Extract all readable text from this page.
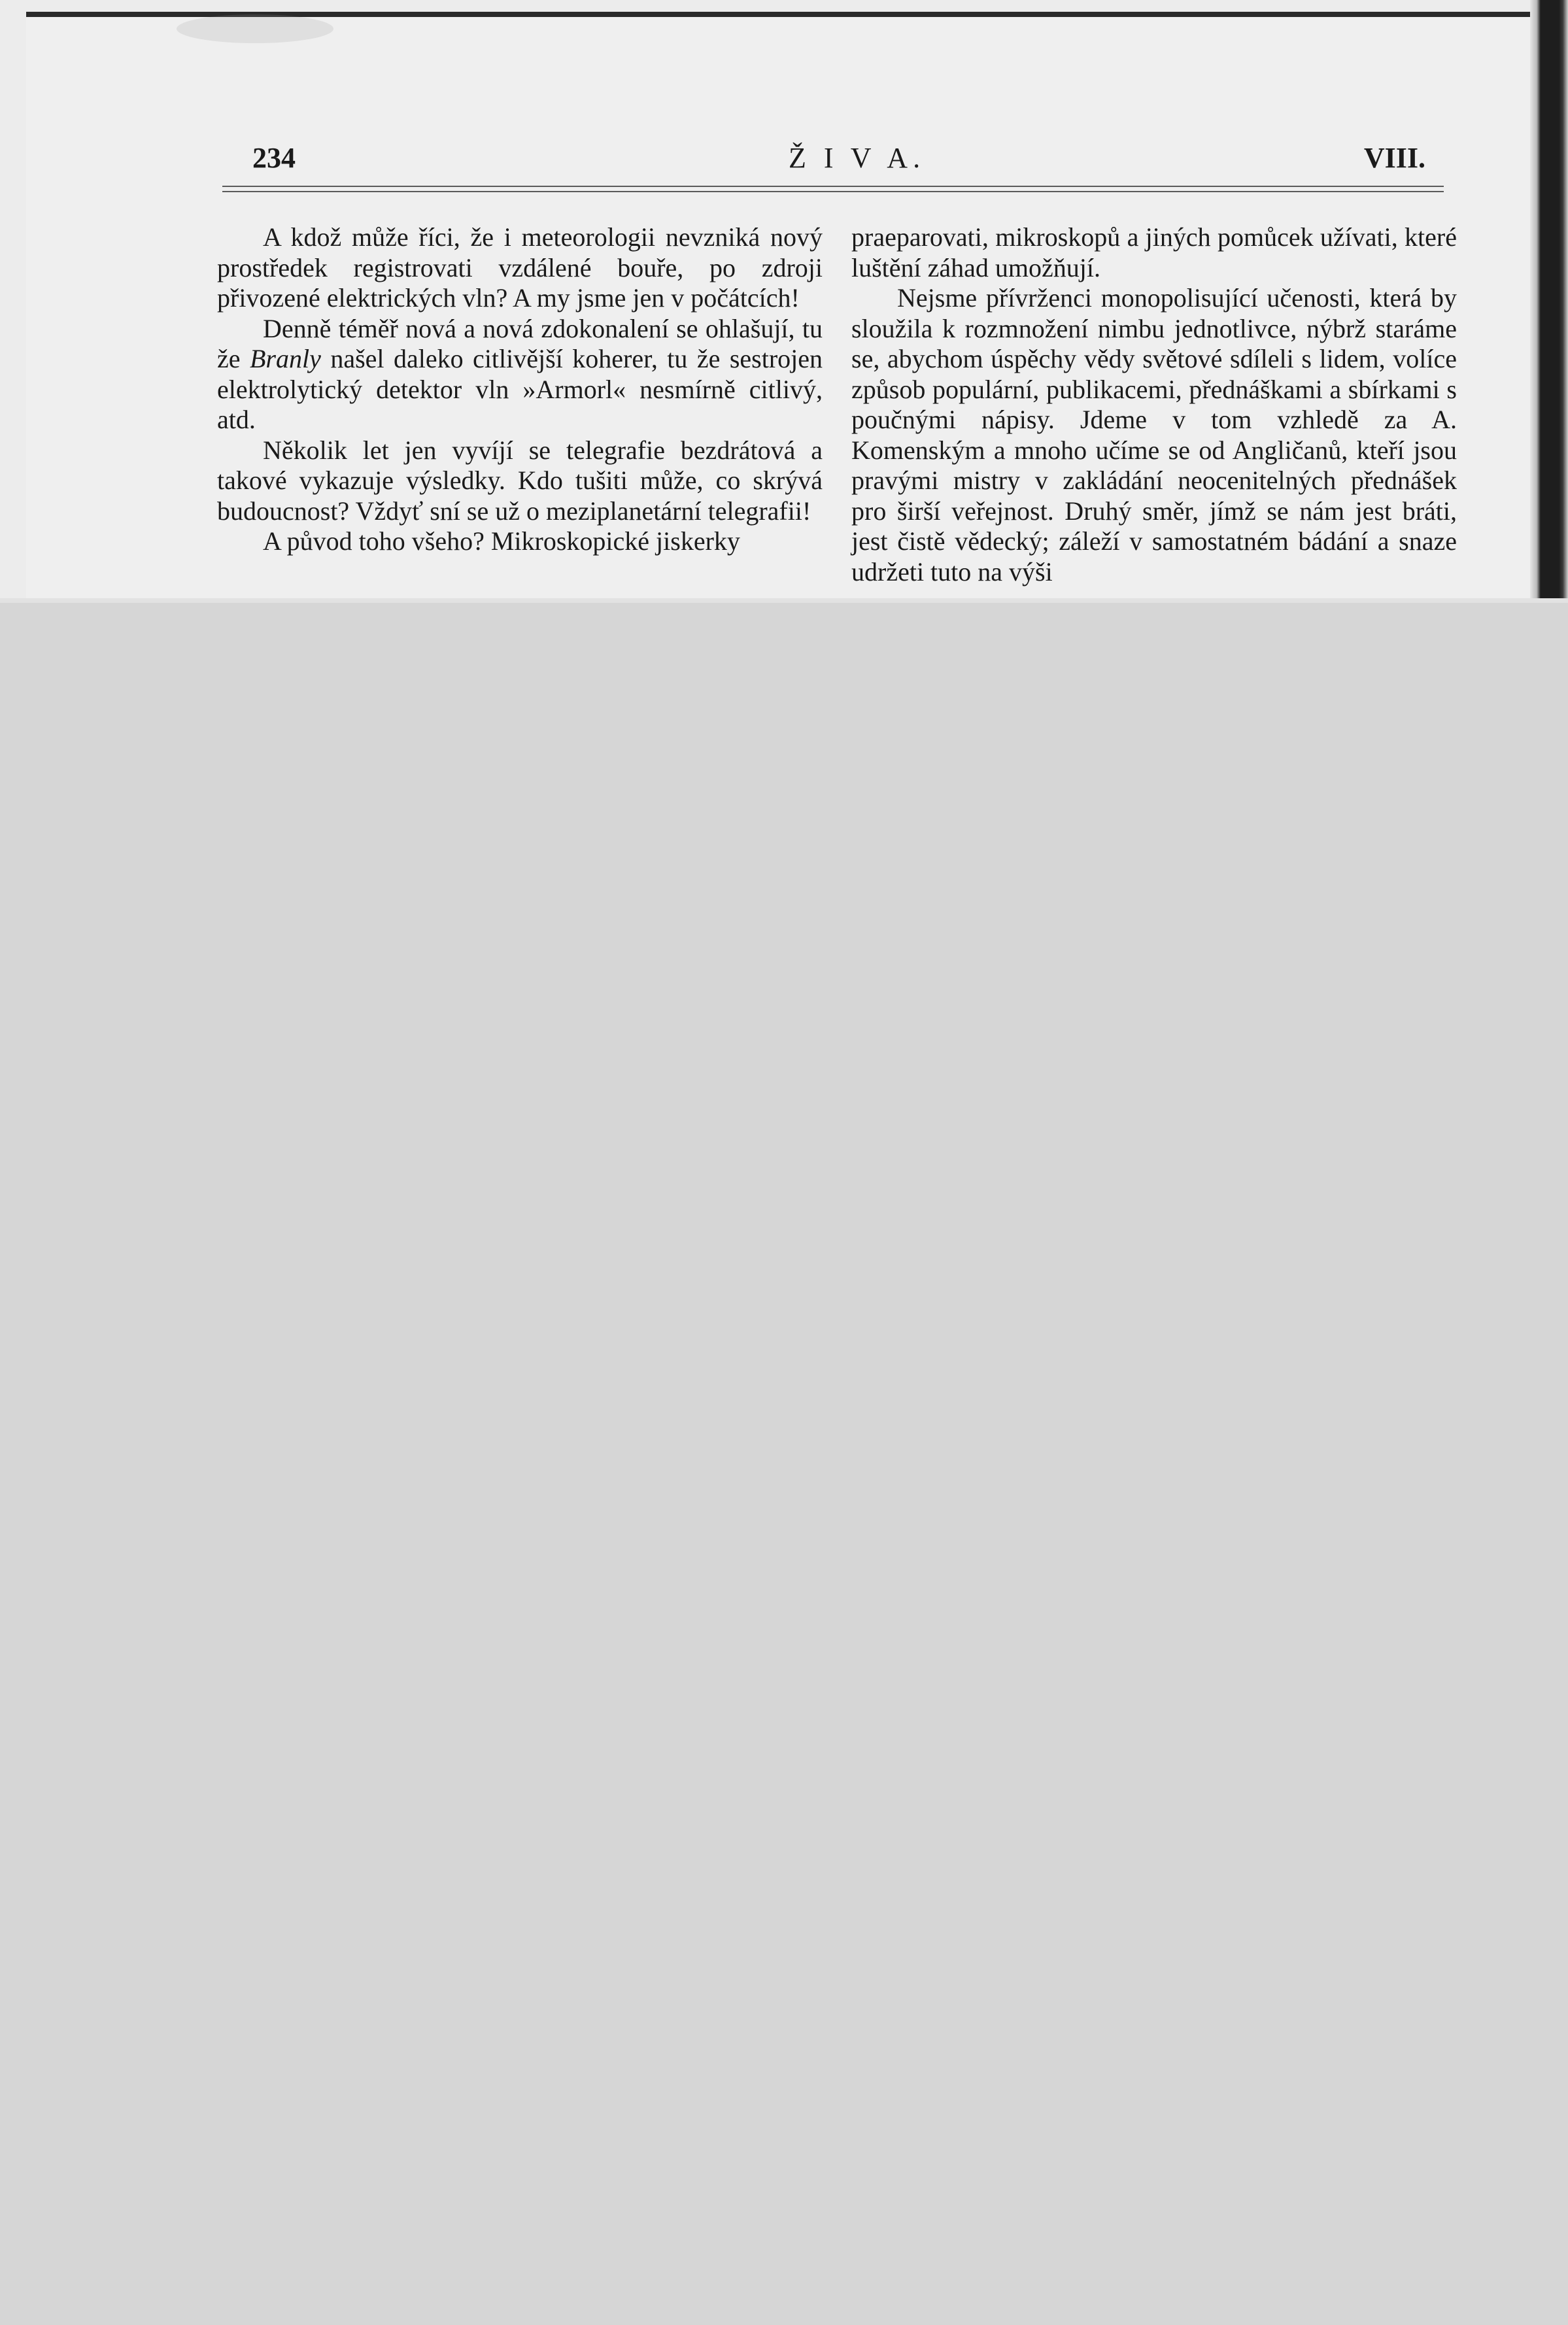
234	Ž I V A.	VIII.

A kdož může říci, že i meteorologii nevzniká nový prostředek registrovati vzdálené bouře, po zdroji přivozené elektrických vln? A my jsme jen v počátcích!

Denně téměř nová a nová zdokonalení se ohlašují, tu že Branly našel daleko citlivější koherer, tu že sestrojen elektrolytický detektor vln »Armorl« nesmírně citlivý, atd.

Několik let jen vyvíjí se telegrafie bezdrátová a takové vykazuje výsledky. Kdo tušiti může, co skrývá budoucnost? Vždyť sní se už o meziplanetární telegrafii!

A původ toho všeho? Mikroskopické jiskerky

praeparovati, mikroskopů a jiných pomůcek užívati, které luštění záhad umožňují.

Nejsme přívrženci monopolisující učenosti, která by sloužila k rozmnožení nimbu jednotlivce, nýbrž staráme se, abychom úspěchy vědy světové sdíleli s lidem, volíce způsob populární, publikacemi, přednáškami a sbírkami s poučnými nápisy. Jdeme v tom vzhledě za A. Komenským a mnoho učíme se od Angličanů, kteří jsou pravými mistry v zakládání neocenitelných přednášek pro širší veřejnost. Druhý směr, jímž se nám jest bráti, jest čistě vědecký; záleží v samostatném bádání a snaze udržeti tuto na výši
